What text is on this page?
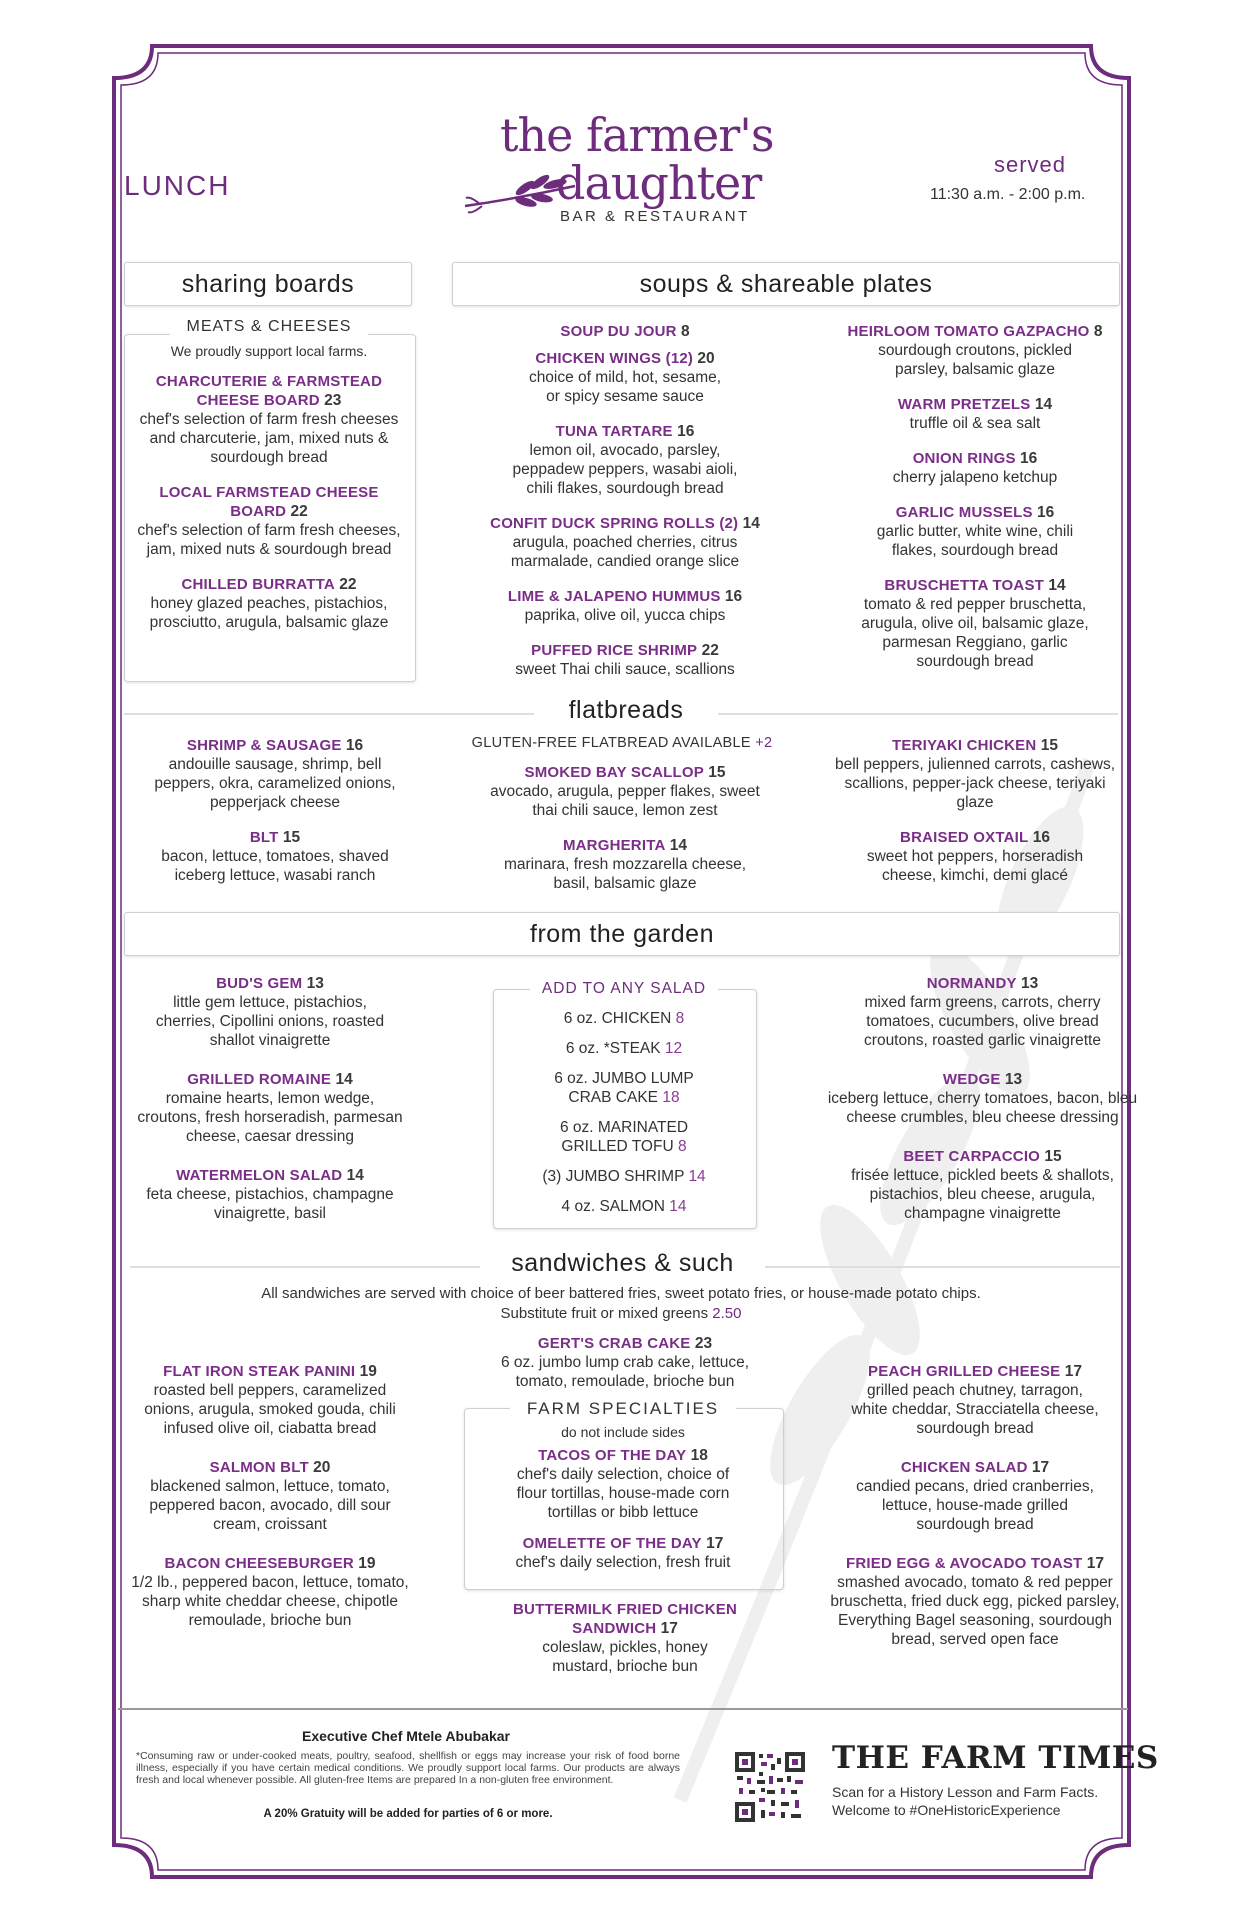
LUNCH
the farmer's
daughter
BAR & RESTAURANT
served
11:30 a.m. - 2:00 p.m.
sharing boards
MEATS & CHEESES
We proudly support local farms.
CHARCUTERIE & FARMSTEAD CHEESE BOARD 23
chef's selection of farm fresh cheeses and charcuterie, jam, mixed nuts & sourdough bread
LOCAL FARMSTEAD CHEESE BOARD 22
chef's selection of farm fresh cheeses, jam, mixed nuts & sourdough bread
CHILLED BURRATTA 22
honey glazed peaches, pistachios, prosciutto, arugula, balsamic glaze
soups & shareable plates
SOUP DU JOUR 8
CHICKEN WINGS (12) 20
choice of mild, hot, sesame, or spicy sesame sauce
TUNA TARTARE 16
lemon oil, avocado, parsley, peppadew peppers, wasabi aioli, chili flakes, sourdough bread
CONFIT DUCK SPRING ROLLS (2) 14
arugula, poached cherries, citrus marmalade, candied orange slice
LIME & JALAPENO HUMMUS 16
paprika, olive oil, yucca chips
PUFFED RICE SHRIMP 22
sweet Thai chili sauce, scallions
HEIRLOOM TOMATO GAZPACHO 8
sourdough croutons, pickled parsley, balsamic glaze
WARM PRETZELS 14
truffle oil & sea salt
ONION RINGS 16
cherry jalapeno ketchup
GARLIC MUSSELS 16
garlic butter, white wine, chili flakes, sourdough bread
BRUSCHETTA TOAST 14
tomato & red pepper bruschetta, arugula, olive oil, balsamic glaze, parmesan Reggiano, garlic sourdough bread
flatbreads
SHRIMP & SAUSAGE 16
andouille sausage, shrimp, bell peppers, okra, caramelized onions, pepperjack cheese
BLT 15
bacon, lettuce, tomatoes, shaved iceberg lettuce, wasabi ranch
GLUTEN-FREE FLATBREAD AVAILABLE +2
SMOKED BAY SCALLOP 15
avocado, arugula, pepper flakes, sweet thai chili sauce, lemon zest
MARGHERITA 14
marinara, fresh mozzarella cheese, basil, balsamic glaze
TERIYAKI CHICKEN 15
bell peppers, julienned carrots, cashews, scallions, pepper-jack cheese, teriyaki glaze
BRAISED OXTAIL 16
sweet hot peppers, horseradish cheese, kimchi, demi glacé
from the garden
BUD'S GEM 13
little gem lettuce, pistachios, cherries, Cipollini onions, roasted shallot vinaigrette
GRILLED ROMAINE 14
romaine hearts, lemon wedge, croutons, fresh horseradish, parmesan cheese, caesar dressing
WATERMELON SALAD 14
feta cheese, pistachios, champagne vinaigrette, basil
ADD TO ANY SALAD
6 oz. CHICKEN 8
6 oz. *STEAK 12
6 oz. JUMBO LUMP CRAB CAKE 18
6 oz. MARINATED GRILLED TOFU 8
(3) JUMBO SHRIMP 14
4 oz. SALMON 14
NORMANDY 13
mixed farm greens, carrots, cherry tomatoes, cucumbers, olive bread croutons, roasted garlic vinaigrette
WEDGE 13
iceberg lettuce, cherry tomatoes, bacon, bleu cheese crumbles, bleu cheese dressing
BEET CARPACCIO 15
frisée lettuce, pickled beets & shallots, pistachios, bleu cheese, arugula, champagne vinaigrette
sandwiches & such
All sandwiches are served with choice of beer battered fries, sweet potato fries, or house-made potato chips.
Substitute fruit or mixed greens 2.50
FLAT IRON STEAK PANINI 19
roasted bell peppers, caramelized onions, arugula, smoked gouda, chili infused olive oil, ciabatta bread
SALMON BLT 20
blackened salmon, lettuce, tomato, peppered bacon, avocado, dill sour cream, croissant
BACON CHEESEBURGER 19
1/2 lb., peppered bacon, lettuce, tomato, sharp white cheddar cheese, chipotle remoulade, brioche bun
GERT'S CRAB CAKE 23
6 oz. jumbo lump crab cake, lettuce, tomato, remoulade, brioche bun
FARM SPECIALTIES
do not include sides
TACOS OF THE DAY 18
chef's daily selection, choice of flour tortillas, house-made corn tortillas or bibb lettuce
OMELETTE OF THE DAY 17
chef's daily selection, fresh fruit
BUTTERMILK FRIED CHICKEN SANDWICH 17
coleslaw, pickles, honey mustard, brioche bun
PEACH GRILLED CHEESE 17
grilled peach chutney, tarragon, white cheddar, Stracciatella cheese, sourdough bread
CHICKEN SALAD 17
candied pecans, dried cranberries, lettuce, house-made grilled sourdough bread
FRIED EGG & AVOCADO TOAST 17
smashed avocado, tomato & red pepper bruschetta, fried duck egg, picked parsley, Everything Bagel seasoning, sourdough bread, served open face
Executive Chef Mtele Abubakar
*Consuming raw or under-cooked meats, poultry, seafood, shellfish or eggs may increase your risk of food borne illness, especially if you have certain medical conditions. We proudly support local farms. Our products are always fresh and local whenever possible. All gluten-free Items are prepared In a non-gluten free environment.
A 20% Gratuity will be added for parties of 6 or more.
THE FARM TIMES
Scan for a History Lesson and Farm Facts.
Welcome to #OneHistoricExperience
